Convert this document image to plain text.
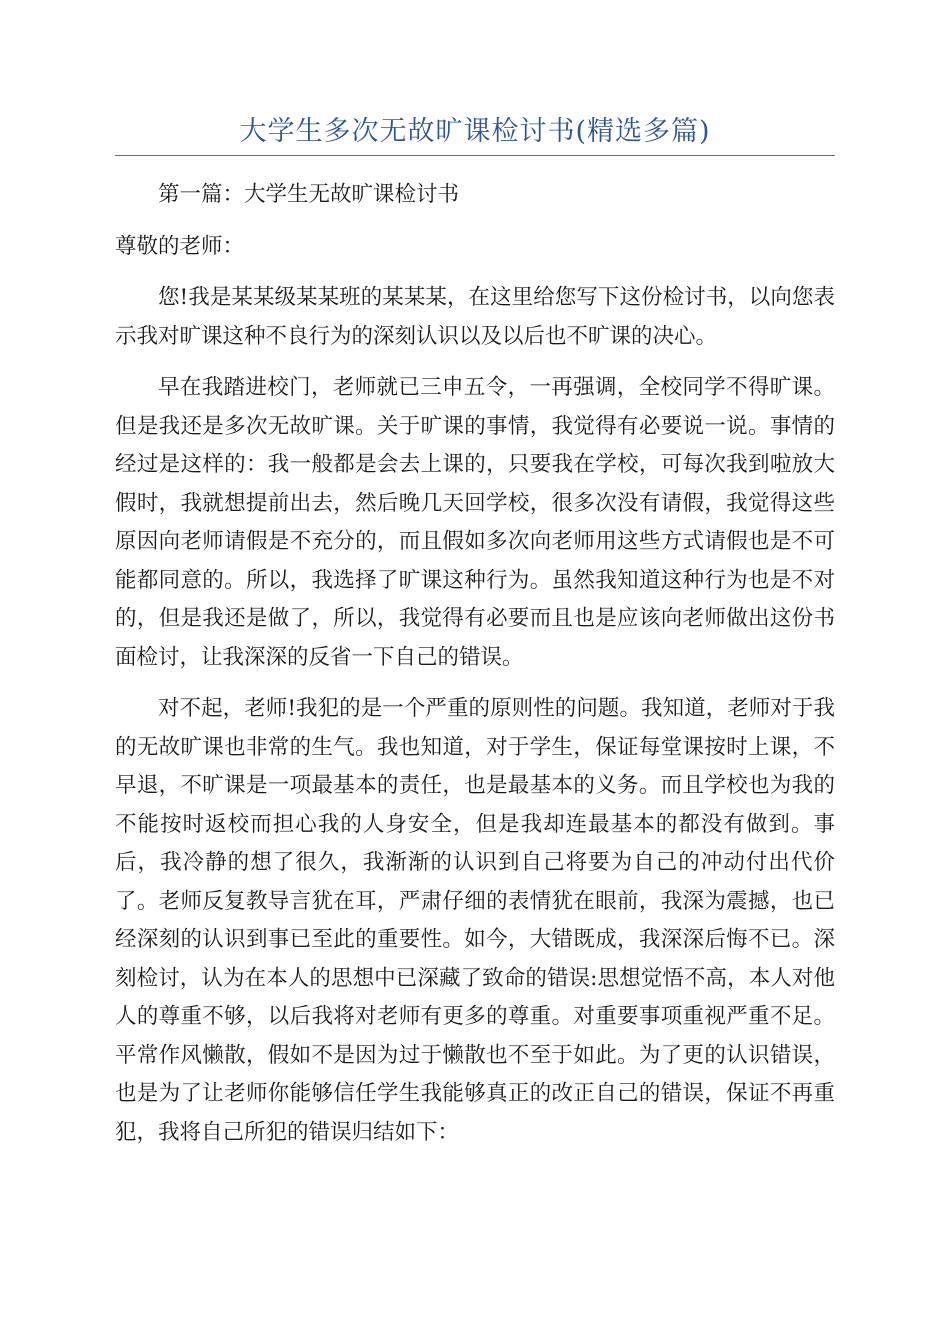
大学生多次无故旷课检讨书(精选多篇)

第一篇：大学生无故旷课检讨书

尊敬的老师：

您!我是某某级某某班的某某某，在这里给您写下这份检讨书，以向您表示我对旷课这种不良行为的深刻认识以及以后也不旷课的决心。

早在我踏进校门，老师就已三申五令，一再强调，全校同学不得旷课。但是我还是多次无故旷课。关于旷课的事情，我觉得有必要说一说。事情的经过是这样的：我一般都是会去上课的，只要我在学校，可每次我到啦放大假时，我就想提前出去，然后晚几天回学校，很多次没有请假，我觉得这些原因向老师请假是不充分的，而且假如多次向老师用这些方式请假也是不可能都同意的。所以，我选择了旷课这种行为。虽然我知道这种行为也是不对的，但是我还是做了，所以，我觉得有必要而且也是应该向老师做出这份书面检讨，让我深深的反省一下自己的错误。

对不起，老师!我犯的是一个严重的原则性的问题。我知道，老师对于我的无故旷课也非常的生气。我也知道，对于学生，保证每堂课按时上课，不早退，不旷课是一项最基本的责任，也是最基本的义务。而且学校也为我的不能按时返校而担心我的人身安全，但是我却连最基本的都没有做到。事后，我冷静的想了很久，我渐渐的认识到自己将要为自己的冲动付出代价了。老师反复教导言犹在耳，严肃仔细的表情犹在眼前，我深为震撼，也已经深刻的认识到事已至此的重要性。如今，大错既成，我深深后悔不已。深刻检讨，认为在本人的思想中已深藏了致命的错误:思想觉悟不高，本人对他人的尊重不够，以后我将对老师有更多的尊重。对重要事项重视严重不足。平常作风懒散，假如不是因为过于懒散也不至于如此。为了更的认识错误，也是为了让老师你能够信任学生我能够真正的改正自己的错误，保证不再重犯，我将自己所犯的错误归结如下：
